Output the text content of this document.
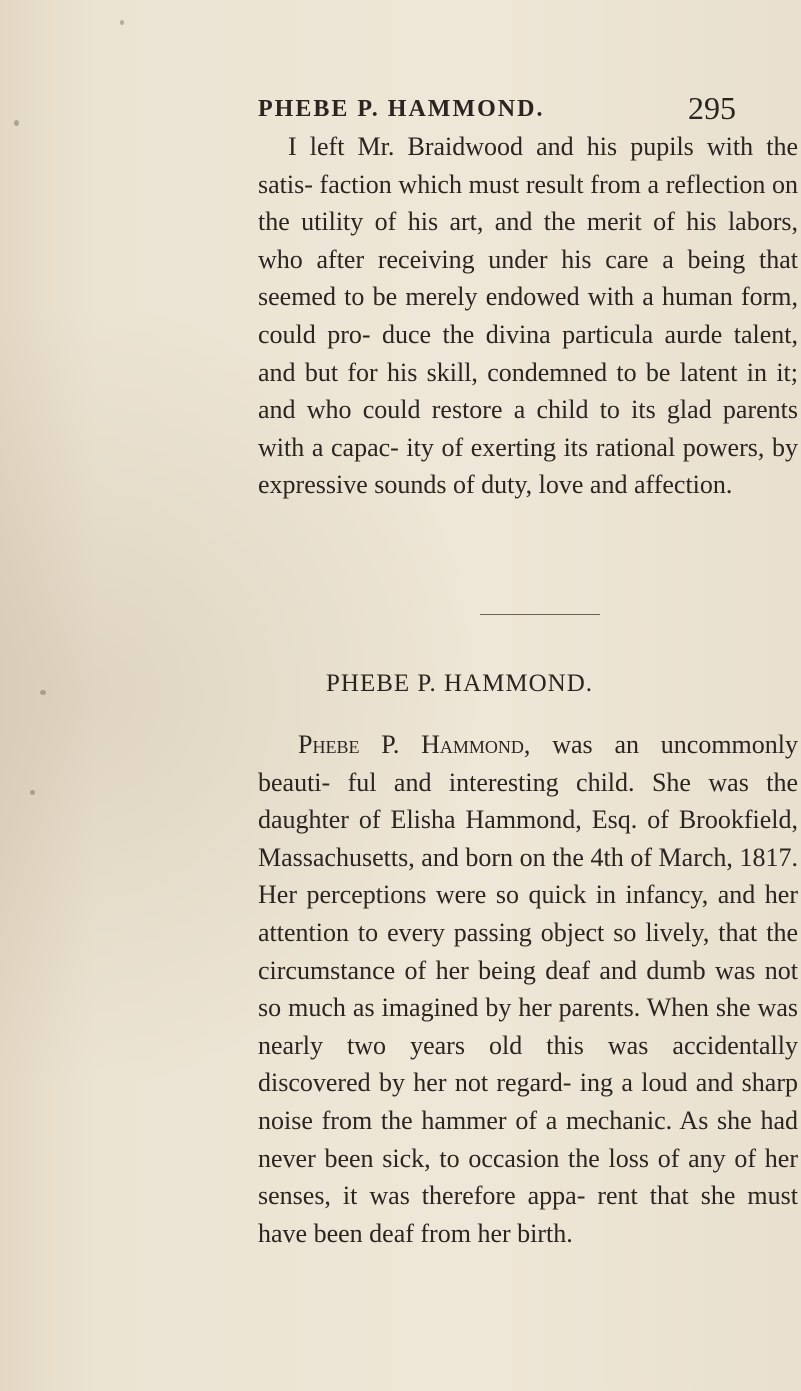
PHEBE P. HAMMOND.	295

I left Mr. Braidwood and his pupils with the satis- faction which must result from a reflection on the utility of his art, and the merit of his labors, who after receiving under his care a being that seemed to be merely endowed with a human form, could pro- duce the divina particula aurde talent, and but for his skill, condemned to be latent in it; and who could restore a child to its glad parents with a capac- ity of exerting its rational powers, by expressive sounds of duty, love and affection.

PHEBE P. HAMMOND.

Phebe P. Hammond, was an uncommonly beauti- ful and interesting child. She was the daughter of Elisha Hammond, Esq. of Brookfield, Massachusetts, and born on the 4th of March, 1817. Her perceptions were so quick in infancy, and her attention to every passing object so lively, that the circumstance of her being deaf and dumb was not so much as imagined by her parents. When she was nearly two years old this was accidentally discovered by her not regard- ing a loud and sharp noise from the hammer of a mechanic. As she had never been sick, to occasion the loss of any of her senses, it was therefore appa- rent that she must have been deaf from her birth.
